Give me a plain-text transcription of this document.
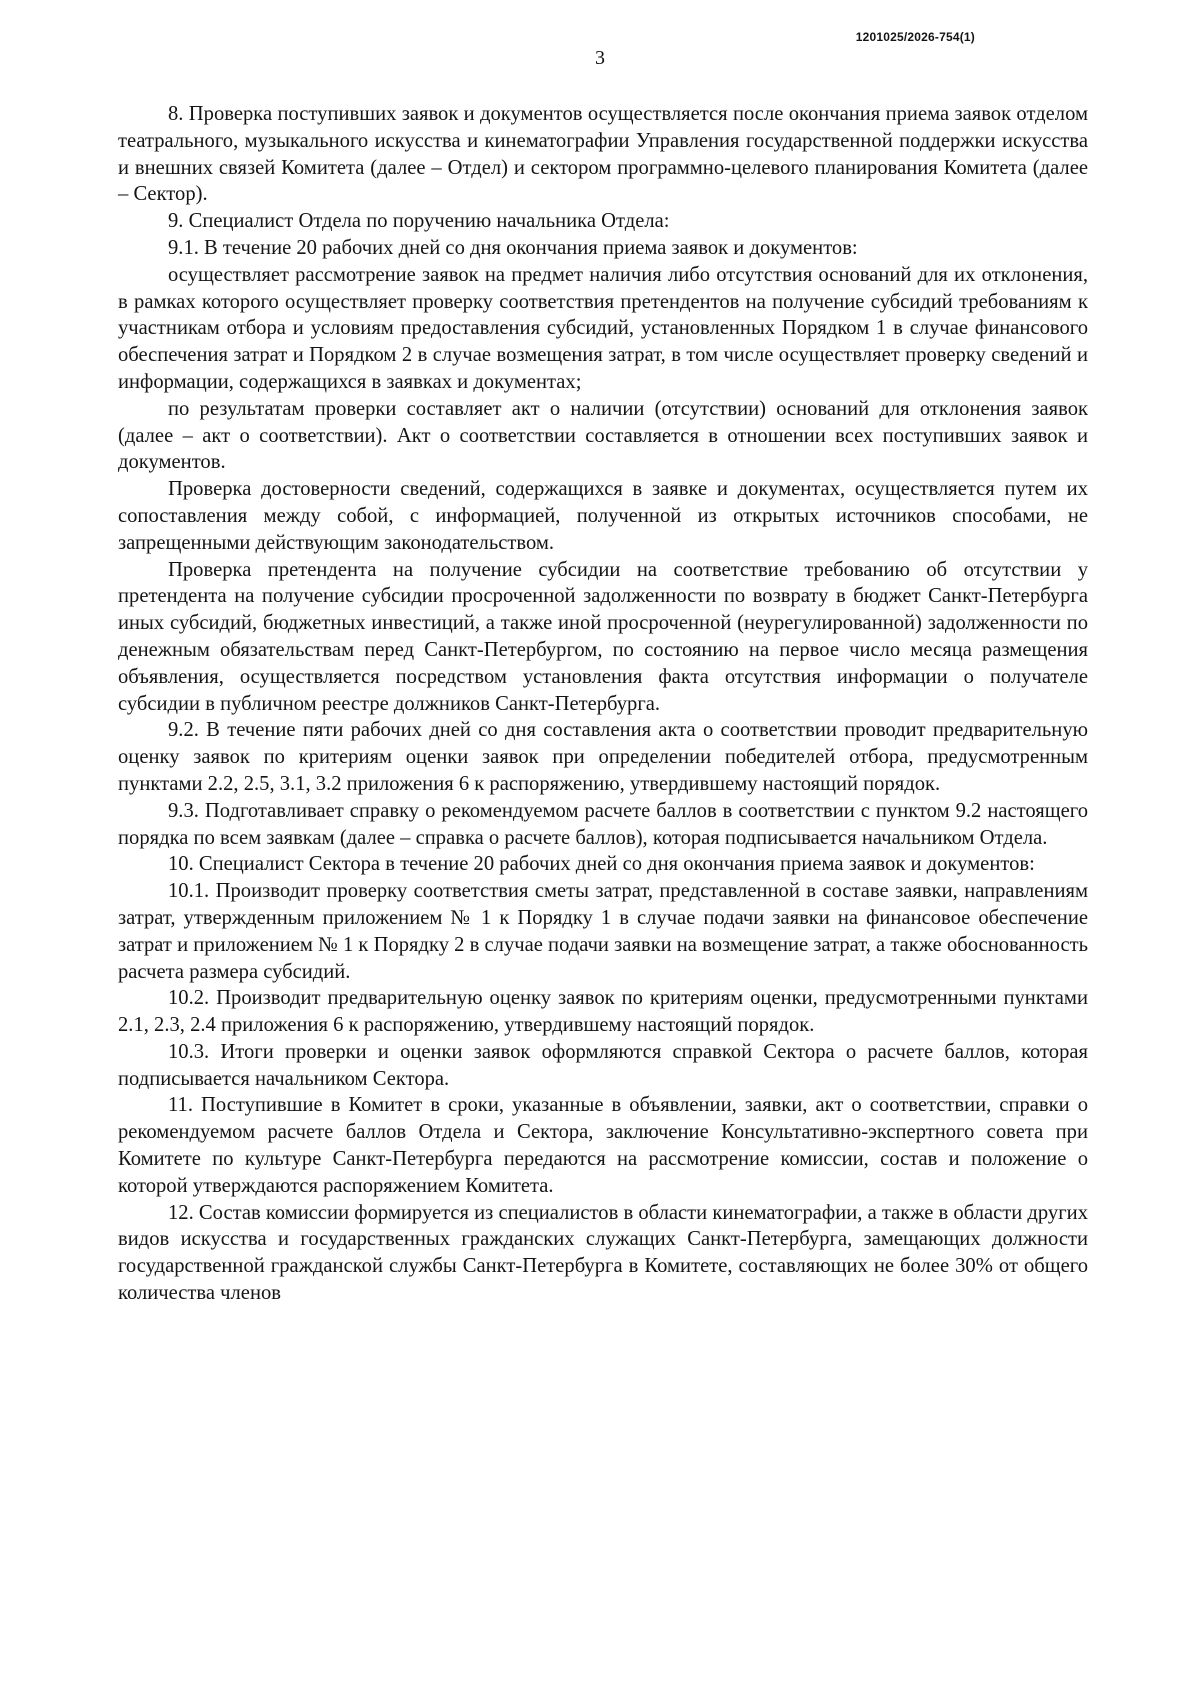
1201025/2026-754(1)
3

8. Проверка поступивших заявок и документов осуществляется после окончания приема заявок отделом театрального, музыкального искусства и кинематографии Управления государственной поддержки искусства и внешних связей Комитета (далее – Отдел) и сектором программно-целевого планирования Комитета (далее – Сектор).

9. Специалист Отдела по поручению начальника Отдела:

9.1. В течение 20 рабочих дней со дня окончания приема заявок и документов:

осуществляет рассмотрение заявок на предмет наличия либо отсутствия оснований для их отклонения, в рамках которого осуществляет проверку соответствия претендентов на получение субсидий требованиям к участникам отбора и условиям предоставления субсидий, установленных Порядком 1 в случае финансового обеспечения затрат и Порядком 2 в случае возмещения затрат, в том числе осуществляет проверку сведений и информации, содержащихся в заявках и документах;

по результатам проверки составляет акт о наличии (отсутствии) оснований для отклонения заявок (далее – акт о соответствии). Акт о соответствии составляется в отношении всех поступивших заявок и документов.

Проверка достоверности сведений, содержащихся в заявке и документах, осуществляется путем их сопоставления между собой, с информацией, полученной из открытых источников способами, не запрещенными действующим законодательством.

Проверка претендента на получение субсидии на соответствие требованию об отсутствии у претендента на получение субсидии просроченной задолженности по возврату в бюджет Санкт-Петербурга иных субсидий, бюджетных инвестиций, а также иной просроченной (неурегулированной) задолженности по денежным обязательствам перед Санкт-Петербургом, по состоянию на первое число месяца размещения объявления, осуществляется посредством установления факта отсутствия информации о получателе субсидии в публичном реестре должников Санкт-Петербурга.

9.2. В течение пяти рабочих дней со дня составления акта о соответствии проводит предварительную оценку заявок по критериям оценки заявок при определении победителей отбора, предусмотренным пунктами 2.2, 2.5, 3.1, 3.2 приложения 6 к распоряжению, утвердившему настоящий порядок.

9.3. Подготавливает справку о рекомендуемом расчете баллов в соответствии с пунктом 9.2 настоящего порядка по всем заявкам (далее – справка о расчете баллов), которая подписывается начальником Отдела.

10. Специалист Сектора в течение 20 рабочих дней со дня окончания приема заявок и документов:

10.1. Производит проверку соответствия сметы затрат, представленной в составе заявки, направлениям затрат, утвержденным приложением № 1 к Порядку 1 в случае подачи заявки на финансовое обеспечение затрат и приложением № 1 к Порядку 2 в случае подачи заявки на возмещение затрат, а также обоснованность расчета размера субсидий.

10.2. Производит предварительную оценку заявок по критериям оценки, предусмотренными пунктами 2.1, 2.3, 2.4 приложения 6 к распоряжению, утвердившему настоящий порядок.

10.3. Итоги проверки и оценки заявок оформляются справкой Сектора о расчете баллов, которая подписывается начальником Сектора.

11. Поступившие в Комитет в сроки, указанные в объявлении, заявки, акт о соответствии, справки о рекомендуемом расчете баллов Отдела и Сектора, заключение Консультативно-экспертного совета при Комитете по культуре Санкт-Петербурга передаются на рассмотрение комиссии, состав и положение о которой утверждаются распоряжением Комитета.

12. Состав комиссии формируется из специалистов в области кинематографии, а также в области других видов искусства и государственных гражданских служащих Санкт-Петербурга, замещающих должности государственной гражданской службы Санкт-Петербурга в Комитете, составляющих не более 30% от общего количества членов
